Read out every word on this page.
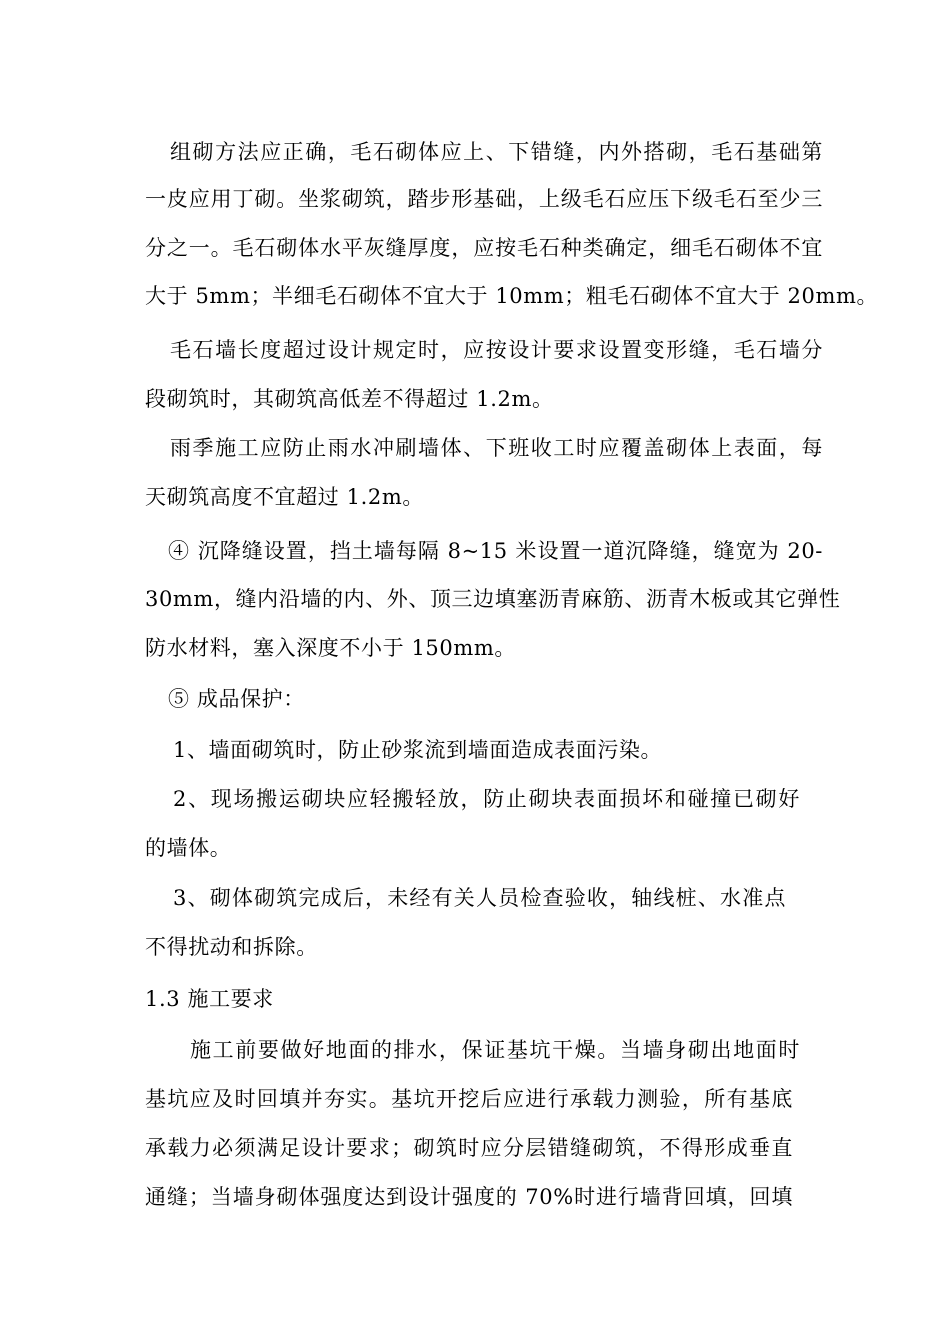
组砌方法应正确，毛石砌体应上、下错缝，内外搭砌，毛石基础第
一皮应用丁砌。坐浆砌筑，踏步形基础，上级毛石应压下级毛石至少三
分之一。毛石砌体水平灰缝厚度，应按毛石种类确定，细毛石砌体不宜
大于 5mm；半细毛石砌体不宜大于 10mm；粗毛石砌体不宜大于 20mm。
毛石墙长度超过设计规定时，应按设计要求设置变形缝，毛石墙分
段砌筑时，其砌筑高低差不得超过 1.2m。
雨季施工应防止雨水冲刷墙体、下班收工时应覆盖砌体上表面，每
天砌筑高度不宜超过 1.2m。
④ 沉降缝设置，挡土墙每隔 8~15 米设置一道沉降缝，缝宽为 20-
30mm，缝内沿墙的内、外、顶三边填塞沥青麻筋、沥青木板或其它弹性
防水材料，塞入深度不小于 150mm。
⑤ 成品保护：
1、墙面砌筑时，防止砂浆流到墙面造成表面污染。
2、现场搬运砌块应轻搬轻放，防止砌块表面损坏和碰撞已砌好
的墙体。
3、砌体砌筑完成后，未经有关人员检查验收，轴线桩、水准点
不得扰动和拆除。
1.3 施工要求
施工前要做好地面的排水，保证基坑干燥。当墙身砌出地面时
基坑应及时回填并夯实。基坑开挖后应进行承载力测验，所有基底
承载力必须满足设计要求；砌筑时应分层错缝砌筑，不得形成垂直
通缝；当墙身砌体强度达到设计强度的 70%时进行墙背回填，回填
